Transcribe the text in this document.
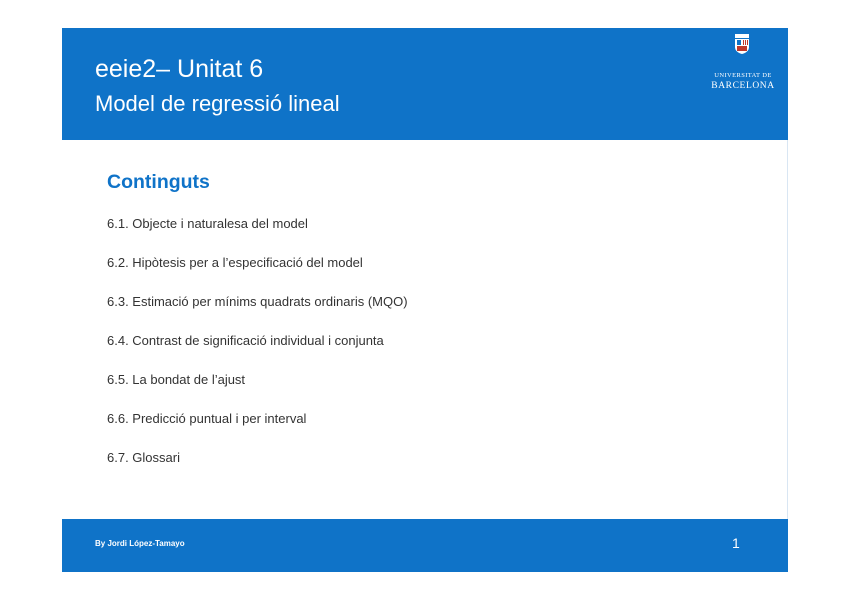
eeie2– Unitat 6
Model de regressió lineal
UNIVERSITAT DE
BARCELONA
Continguts
6.1. Objecte i naturalesa del model
6.2. Hipòtesis per a l’especificació del model
6.3. Estimació per mínims quadrats ordinaris (MQO)
6.4. Contrast de significació individual i conjunta
6.5. La bondat de l’ajust
6.6. Predicció puntual i per interval
6.7. Glossari
By Jordi López-Tamayo	1
